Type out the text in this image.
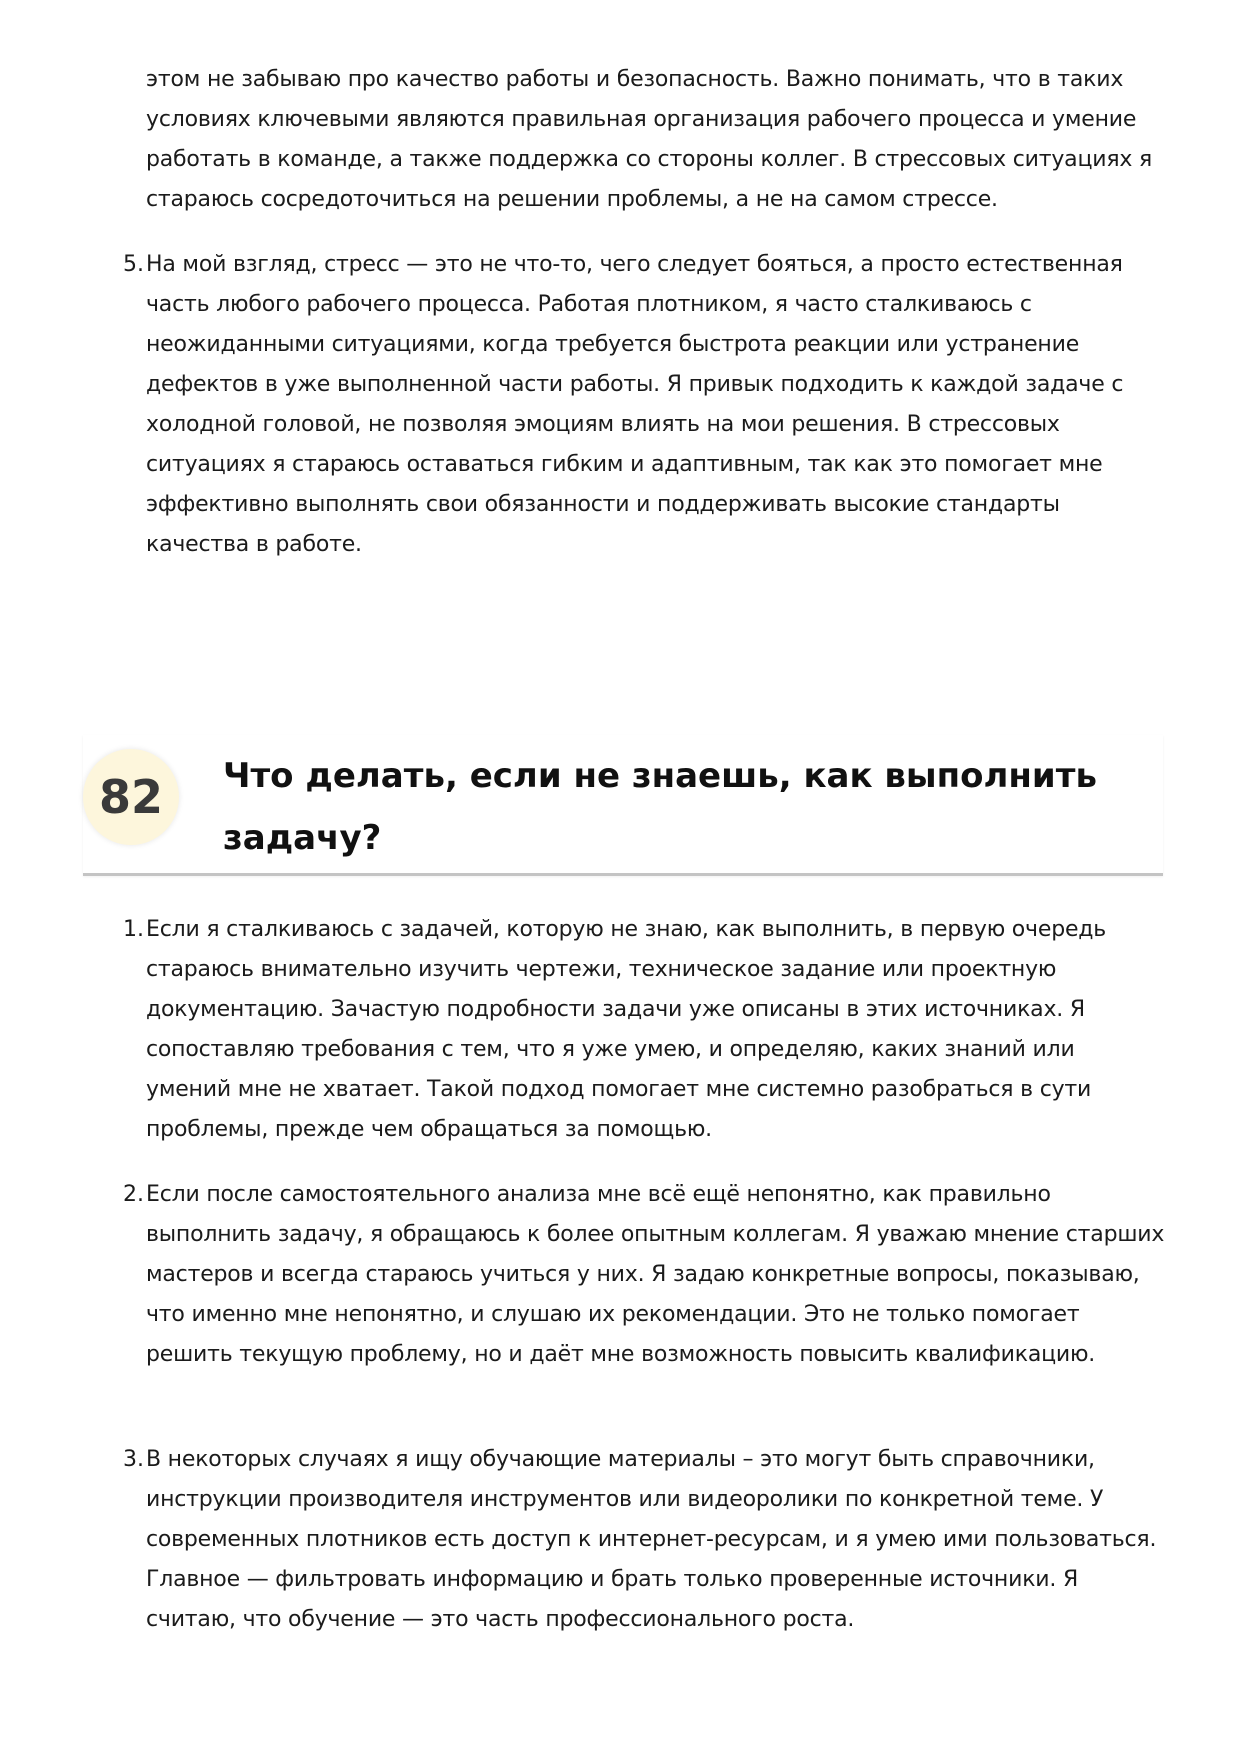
этом не забываю про качество работы и безопасность. Важно понимать, что в таких условиях ключевыми являются правильная организация рабочего процесса и умение работать в команде, а также поддержка со стороны коллег. В стрессовых ситуациях я стараюсь сосредоточиться на решении проблемы, а не на самом стрессе.

5 . На мой взгляд, стресс — это не что-то, чего следует бояться, а просто естественная часть любого рабочего процесса. Работая плотником, я часто сталкиваюсь с неожиданными ситуациями, когда требуется быстрота реакции или устранение дефектов в уже выполненной части работы. Я привык подходить к каждой задаче с холодной головой, не позволяя эмоциям влиять на мои решения. В стрессовых ситуациях я стараюсь оставаться гибким и адаптивным, так как это помогает мне эффективно выполнять свои обязанности и поддерживать высокие стандарты качества в работе.

82	Что делать, если не знаешь, как выполнить задачу?
1 . Если я сталкиваюсь с задачей, которую не знаю, как выполнить, в первую очередь стараюсь внимательно изучить чертежи, техническое задание или проектную документацию. Зачастую подробности задачи уже описаны в этих источниках. Я сопоставляю требования с тем, что я уже умею, и определяю, каких знаний или умений мне не хватает. Такой подход помогает мне системно разобраться в сути проблемы, прежде чем обращаться за помощью.

2 . Если после самостоятельного анализа мне всё ещё непонятно, как правильно выполнить задачу, я обращаюсь к более опытным коллегам. Я уважаю мнение старших мастеров и всегда стараюсь учиться у них. Я задаю конкретные вопросы, показываю, что именно мне непонятно, и слушаю их рекомендации. Это не только помогает решить текущую проблему, но и даёт мне возможность повысить квалификацию.

3 . В некоторых случаях я ищу обучающие материалы – это могут быть справочники, инструкции производителя инструментов или видеоролики по конкретной теме. У современных плотников есть доступ к интернет-ресурсам, и я умею ими пользоваться. Главное — фильтровать информацию и брать только проверенные источники. Я считаю, что обучение — это часть профессионального роста.
